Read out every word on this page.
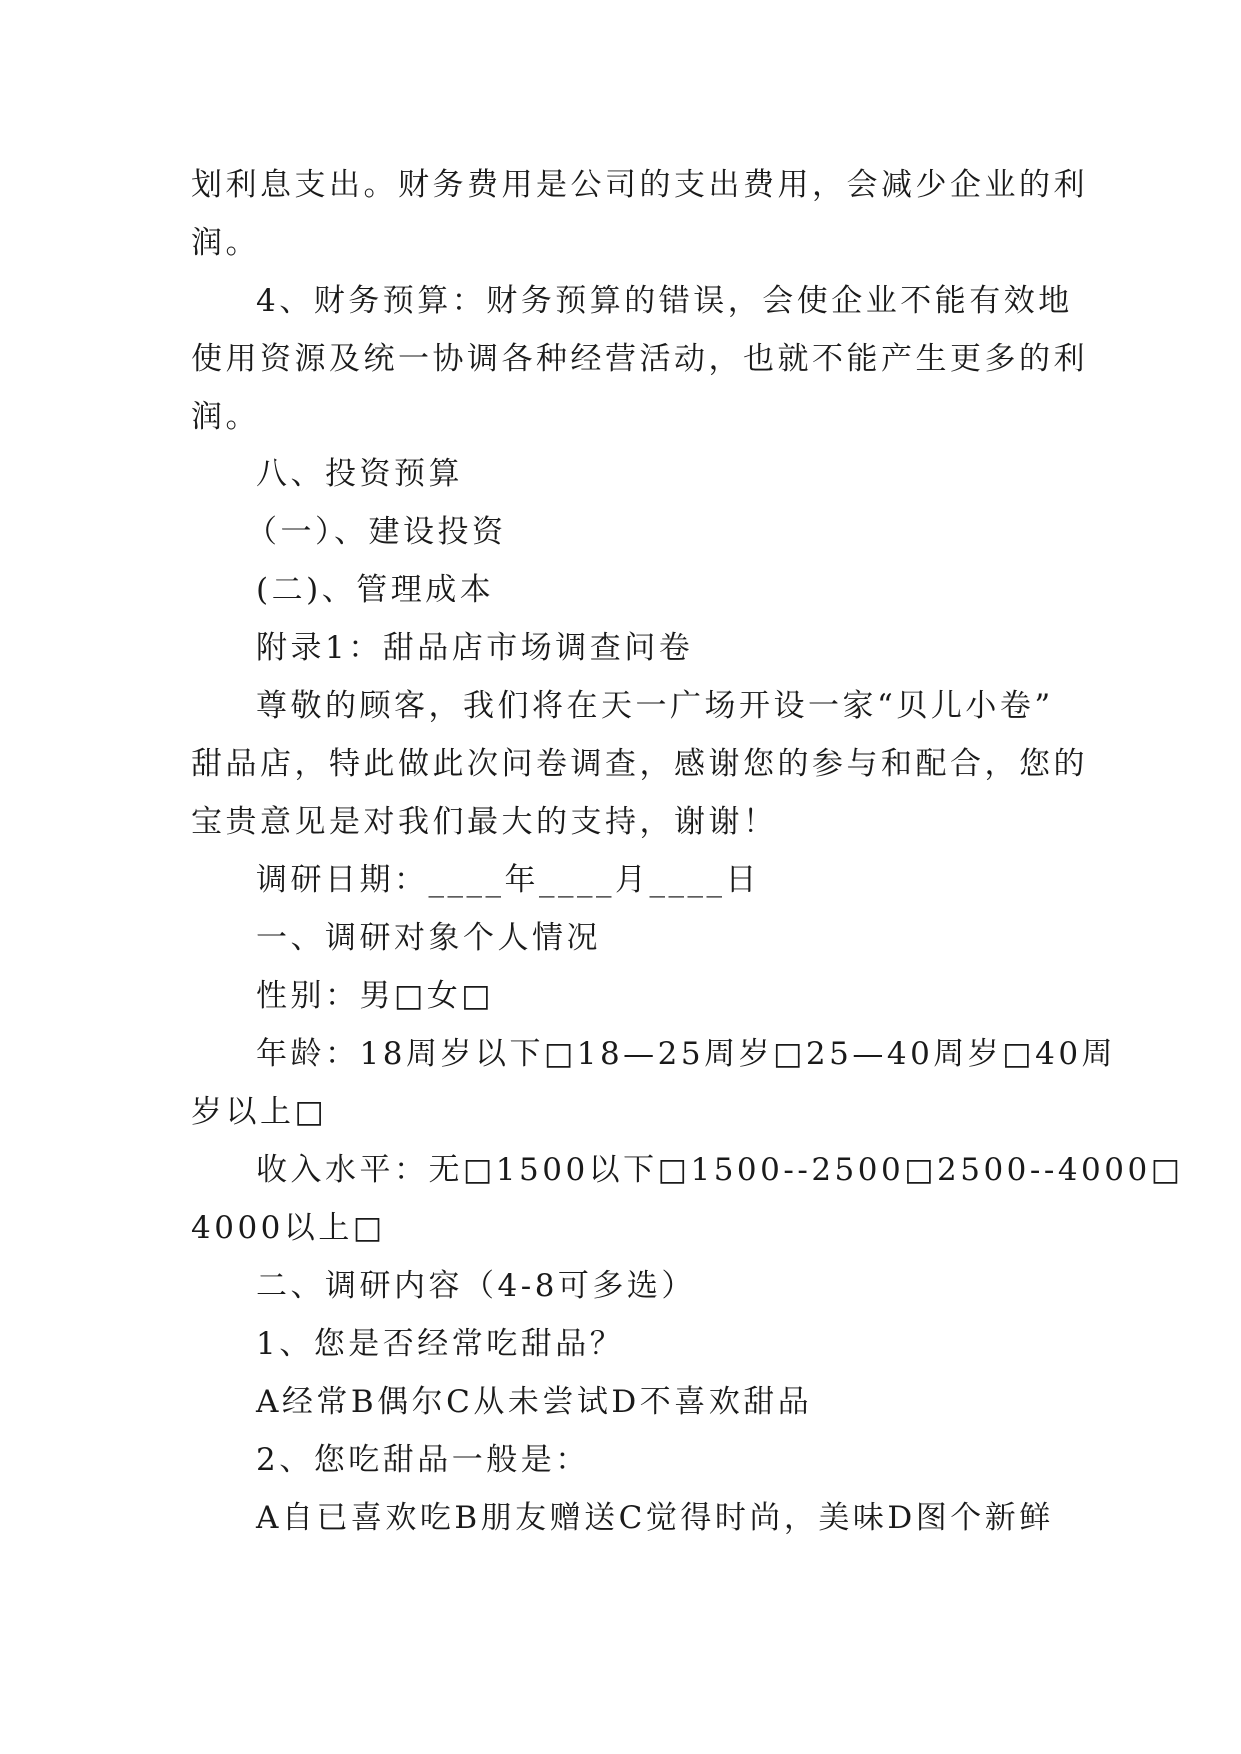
划利息支出。财务费用是公司的支出费用，会减少企业的利
润。
4、财务预算：财务预算的错误，会使企业不能有效地
使用资源及统一协调各种经营活动，也就不能产生更多的利
润。
八、投资预算
（一）、建设投资
(二)、管理成本
附录1：甜品店市场调查问卷
尊敬的顾客，我们将在天一广场开设一家“贝儿小卷”
甜品店，特此做此次问卷调查，感谢您的参与和配合，您的
宝贵意见是对我们最大的支持，谢谢！
调研日期：____年____月____日
一、调研对象个人情况
性别：男□女□
年龄：18周岁以下□18—25周岁□25—40周岁□40周
岁以上□
收入水平：无□1500以下□1500--2500□2500--4000□
4000以上□
二、调研内容（4-8可多选）
1、您是否经常吃甜品？
A经常B偶尔C从未尝试D不喜欢甜品
2、您吃甜品一般是：
A自已喜欢吃B朋友赠送C觉得时尚，美味D图个新鲜
